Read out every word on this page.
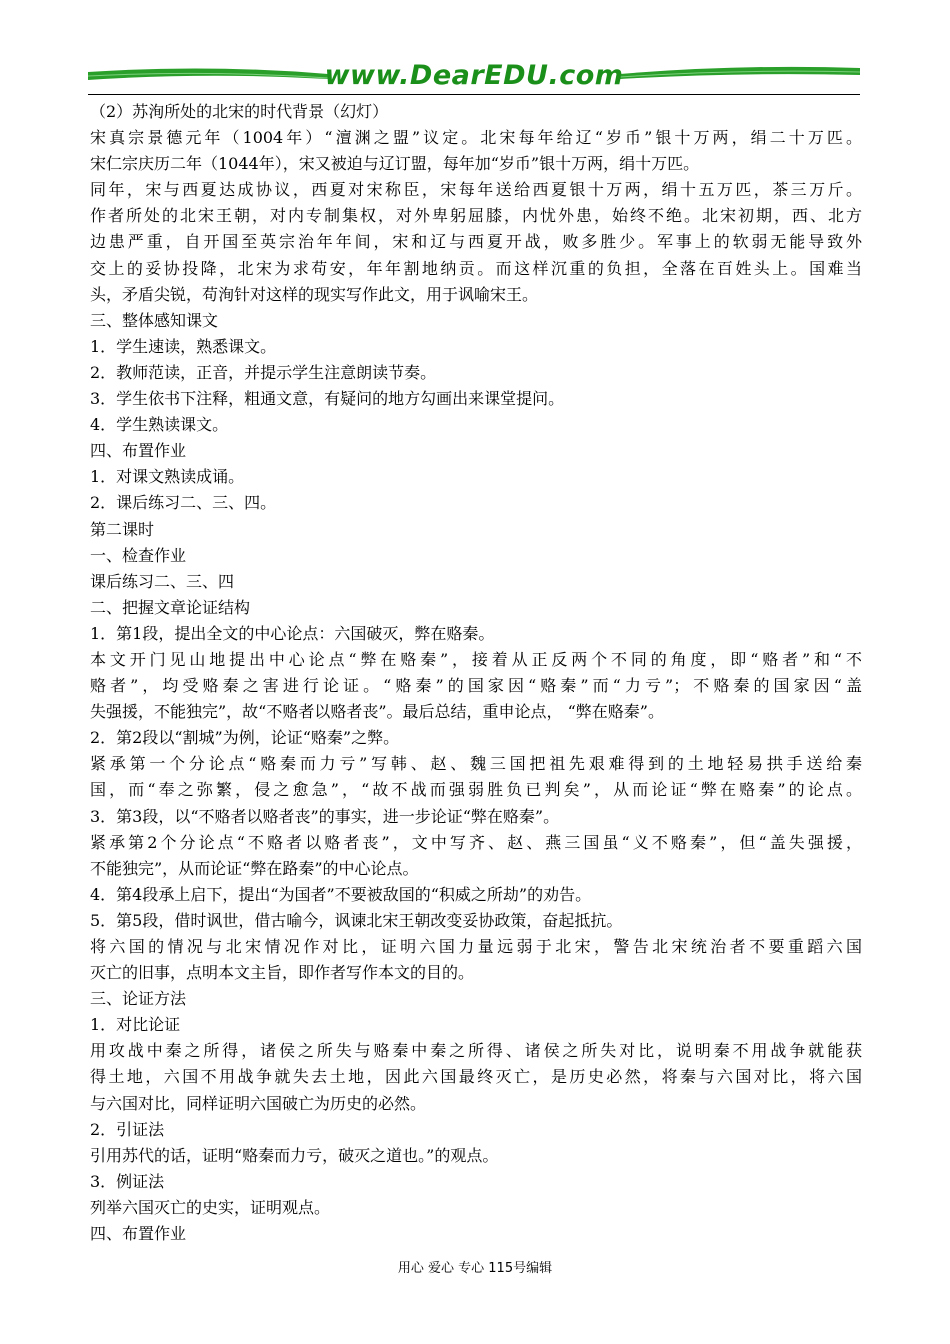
www.DearEDU.com
（2）苏洵所处的北宋的时代背景（幻灯）
宋真宗景德元年（1004年）“澶渊之盟”议定。北宋每年给辽“岁币”银十万两，绢二十万匹。
宋仁宗庆历二年（1044年），宋又被迫与辽订盟，每年加“岁币”银十万两，绢十万匹。
同年，宋与西夏达成协议，西夏对宋称臣，宋每年送给西夏银十万两，绢十五万匹，茶三万斤。
作者所处的北宋王朝，对内专制集权，对外卑躬屈膝，内忧外患，始终不绝。北宋初期，西、北方
边患严重，自开国至英宗治年年间，宋和辽与西夏开战，败多胜少。军事上的软弱无能导致外
交上的妥协投降，北宋为求苟安，年年割地纳贡。而这样沉重的负担，全落在百姓头上。国难当
头，矛盾尖锐，苟洵针对这样的现实写作此文，用于讽喻宋王。
三、整体感知课文
1．学生速读，熟悉课文。
2．教师范读，正音，并提示学生注意朗读节奏。
3．学生依书下注释，粗通文意，有疑问的地方勾画出来课堂提问。
4．学生熟读课文。
四、布置作业
1．对课文熟读成诵。
2．课后练习二、三、四。
第二课时
一、检查作业
课后练习二、三、四
二、把握文章论证结构
1．第1段，提出全文的中心论点：六国破灭，弊在赂秦。
本文开门见山地提出中心论点“弊在赂秦”，接着从正反两个不同的角度，即“赂者”和“不
赂者”，均受赂秦之害进行论证。“赂秦”的国家因“赂秦”而“力亏”；不赂秦的国家因“盖
失强援，不能独完”，故“不赂者以赂者丧”。最后总结，重申论点， “弊在赂秦”。
2．第2段以“割城”为例，论证“赂秦”之弊。
紧承第一个分论点“赂秦而力亏”写韩、赵、魏三国把祖先艰难得到的土地轻易拱手送给秦
国，而“奉之弥繁，侵之愈急”，“故不战而强弱胜负已判矣”，从而论证“弊在赂秦”的论点。
3．第3段，以“不赂者以赂者丧”的事实，进一步论证“弊在赂秦”。
紧承第2个分论点“不赂者以赂者丧”，文中写齐、赵、燕三国虽“义不赂秦”，但“盖失强援，
不能独完”，从而论证“弊在路秦”的中心论点。
4．第4段承上启下，提出“为国者”不要被敌国的“积威之所劫”的劝告。
5．第5段，借时讽世，借古喻今，讽谏北宋王朝改变妥协政策，奋起抵抗。
将六国的情况与北宋情况作对比，证明六国力量远弱于北宋，警告北宋统治者不要重蹈六国
灭亡的旧事，点明本文主旨，即作者写作本文的目的。
三、论证方法
1．对比论证
用攻战中秦之所得，诸侯之所失与赂秦中秦之所得、诸侯之所失对比，说明秦不用战争就能获
得土地，六国不用战争就失去土地，因此六国最终灭亡，是历史必然，将秦与六国对比，将六国
与六国对比，同样证明六国破亡为历史的必然。
2．引证法
引用苏代的话，证明“赂秦而力亏，破灭之道也。”的观点。
3．例证法
列举六国灭亡的史实，证明观点。
四、布置作业
用心 爱心 专心 115号编辑
